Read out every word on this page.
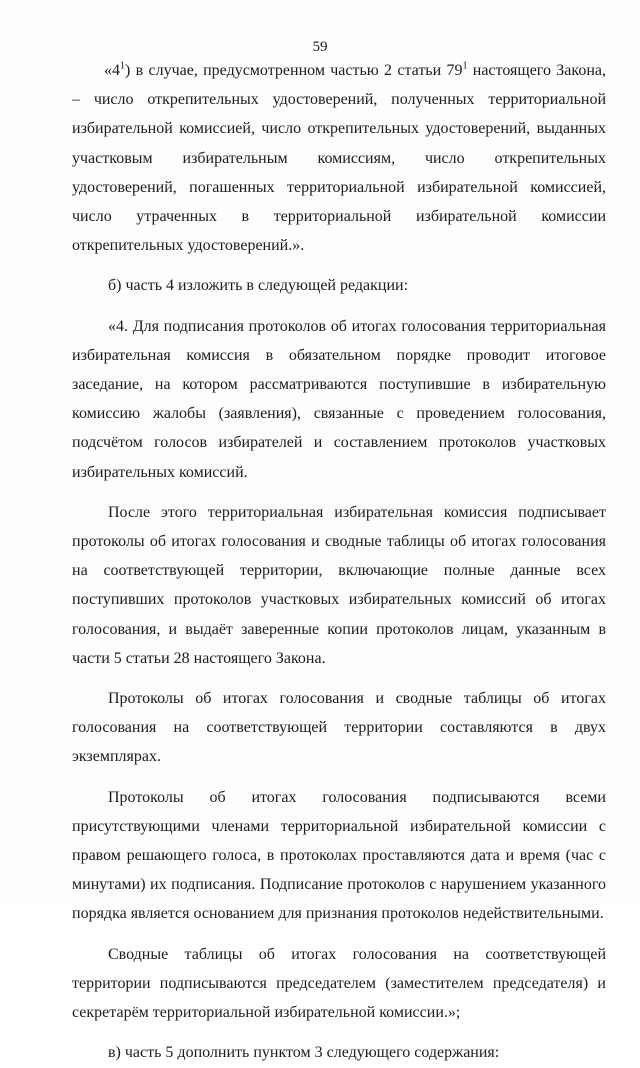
59

«$4^1$) в случае, предусмотренном частью 2 статьи $79^1$ настоящего Закона, – число открепительных удостоверений, полученных территориальной избирательной комиссией, число открепительных удостоверений, выданных участковым избирательным комиссиям, число открепительных удостоверений, погашенных территориальной избирательной комиссией, число утраченных в территориальной избирательной комиссии открепительных удостоверений.».

б) часть 4 изложить в следующей редакции:

«4. Для подписания протоколов об итогах голосования территориальная избирательная комиссия в обязательном порядке проводит итоговое заседание, на котором рассматриваются поступившие в избирательную комиссию жалобы (заявления), связанные с проведением голосования, подсчётом голосов избирателей и составлением протоколов участковых избирательных комиссий.

После этого территориальная избирательная комиссия подписывает протоколы об итогах голосования и сводные таблицы об итогах голосования на соответствующей территории, включающие полные данные всех поступивших протоколов участковых избирательных комиссий об итогах голосования, и выдаёт заверенные копии протоколов лицам, указанным в части 5 статьи 28 настоящего Закона.

Протоколы об итогах голосования и сводные таблицы об итогах голосования на соответствующей территории составляются в двух экземплярах.

Протоколы об итогах голосования подписываются всеми присутствующими членами территориальной избирательной комиссии с правом решающего голоса, в протоколах проставляются дата и время (час с минутами) их подписания. Подписание протоколов с нарушением указанного порядка является основанием для признания протоколов недействительными.

Сводные таблицы об итогах голосования на соответствующей территории подписываются председателем (заместителем председателя) и секретарём территориальной избирательной комиссии.»;

в) часть 5 дополнить пунктом 3 следующего содержания:
